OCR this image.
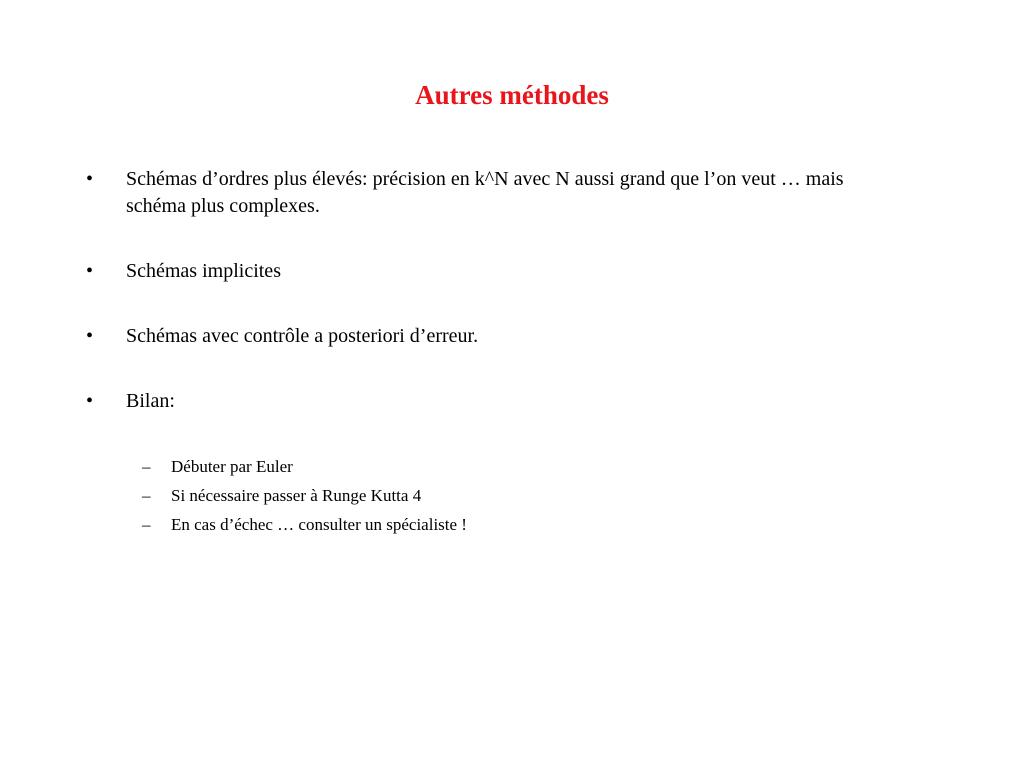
Autres méthodes
•	Schémas d’ordres plus élevés: précision en k^N avec N aussi grand que l’on veut … mais schéma plus complexes.
•	Schémas implicites
•	Schémas avec contrôle a posteriori d’erreur.
•	Bilan:
– Débuter par Euler
– Si nécessaire passer à Runge Kutta 4
– En cas d’échec … consulter un spécialiste !
